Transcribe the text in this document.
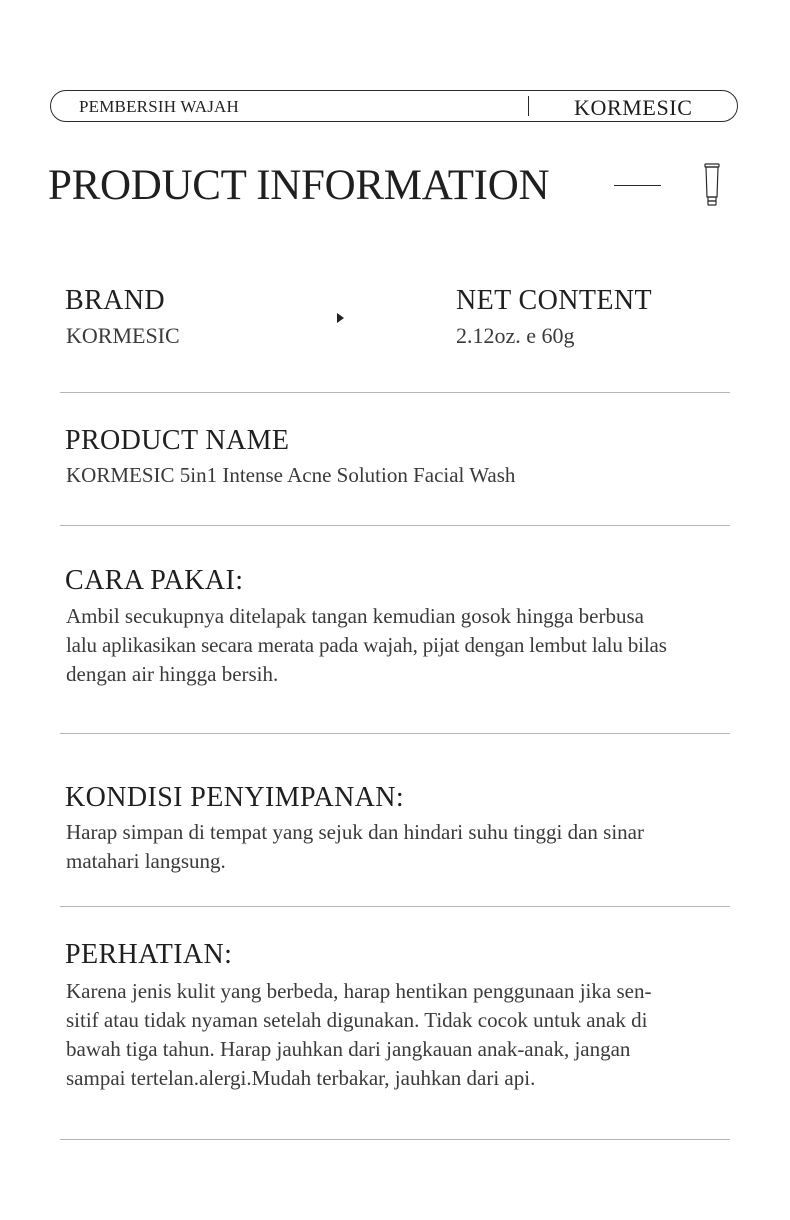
PEMBERSIH WAJAH	KORMESIC
PRODUCT INFORMATION
BRAND
KORMESIC
NET CONTENT
2.12oz. e 60g
PRODUCT NAME
KORMESIC 5in1 Intense Acne Solution Facial Wash
CARA PAKAI:
Ambil secukupnya ditelapak tangan kemudian gosok hingga berbusa
lalu aplikasikan secara merata pada wajah, pijat dengan lembut lalu bilas
dengan air hingga bersih.
KONDISI PENYIMPANAN:
Harap simpan di tempat yang sejuk dan hindari suhu tinggi dan sinar
matahari langsung.
PERHATIAN:
Karena jenis kulit yang berbeda, harap hentikan penggunaan jika sen-
sitif atau tidak nyaman setelah digunakan. Tidak cocok untuk anak di
bawah tiga tahun. Harap jauhkan dari jangkauan anak-anak, jangan
sampai tertelan.alergi.Mudah terbakar, jauhkan dari api.
